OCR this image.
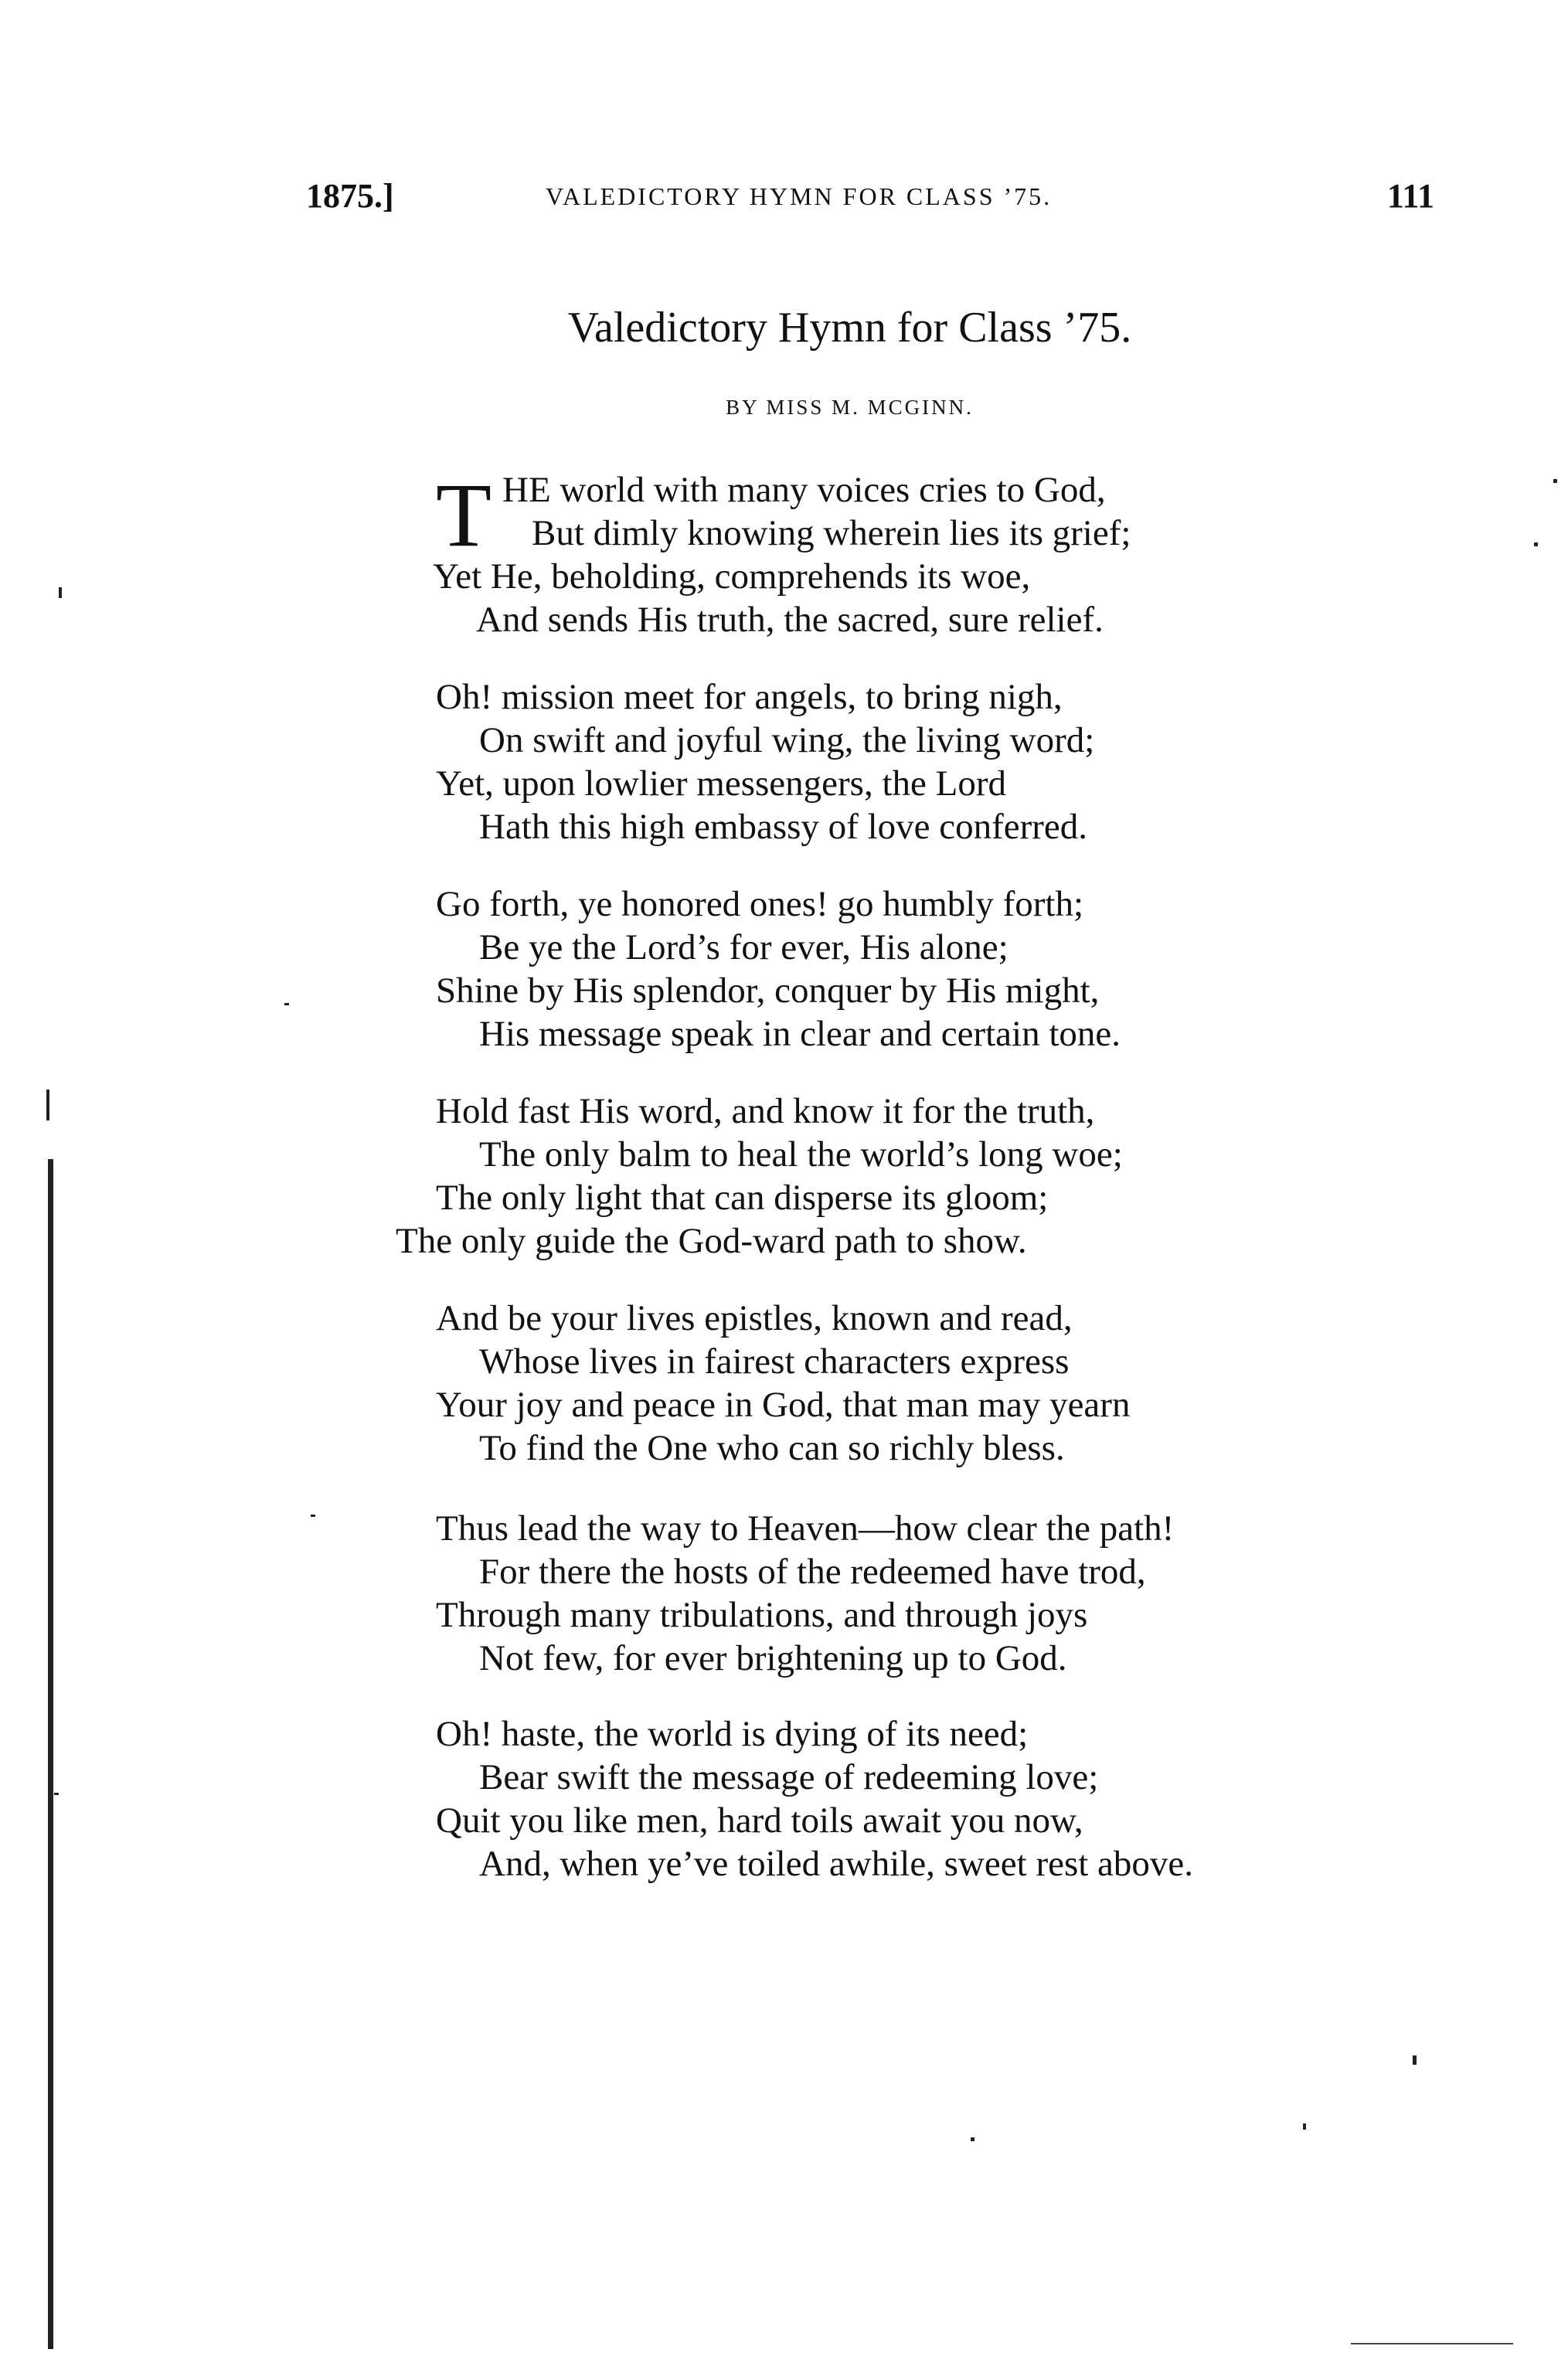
1875.]	VALEDICTORY HYMN FOR CLASS ’75.	111
Valedictory Hymn for Class ’75.
BY MISS M. MCGINN.
T HE world with many voices cries to God,
But dimly knowing wherein lies its grief;
Yet He, beholding, comprehends its woe,
And sends His truth, the sacred, sure relief.
Oh! mission meet for angels, to bring nigh,
On swift and joyful wing, the living word;
Yet, upon lowlier messengers, the Lord
Hath this high embassy of love conferred.
Go forth, ye honored ones! go humbly forth;
Be ye the Lord’s for ever, His alone;
Shine by His splendor, conquer by His might,
His message speak in clear and certain tone.
Hold fast His word, and know it for the truth,
The only balm to heal the world’s long woe;
The only light that can disperse its gloom;
The only guide the God-ward path to show.
And be your lives epistles, known and read,
Whose lives in fairest characters express
Your joy and peace in God, that man may yearn
To find the One who can so richly bless.
Thus lead the way to Heaven—how clear the path!
For there the hosts of the redeemed have trod,
Through many tribulations, and through joys
Not few, for ever brightening up to God.
Oh! haste, the world is dying of its need;
Bear swift the message of redeeming love;
Quit you like men, hard toils await you now,
And, when ye’ve toiled awhile, sweet rest above.
